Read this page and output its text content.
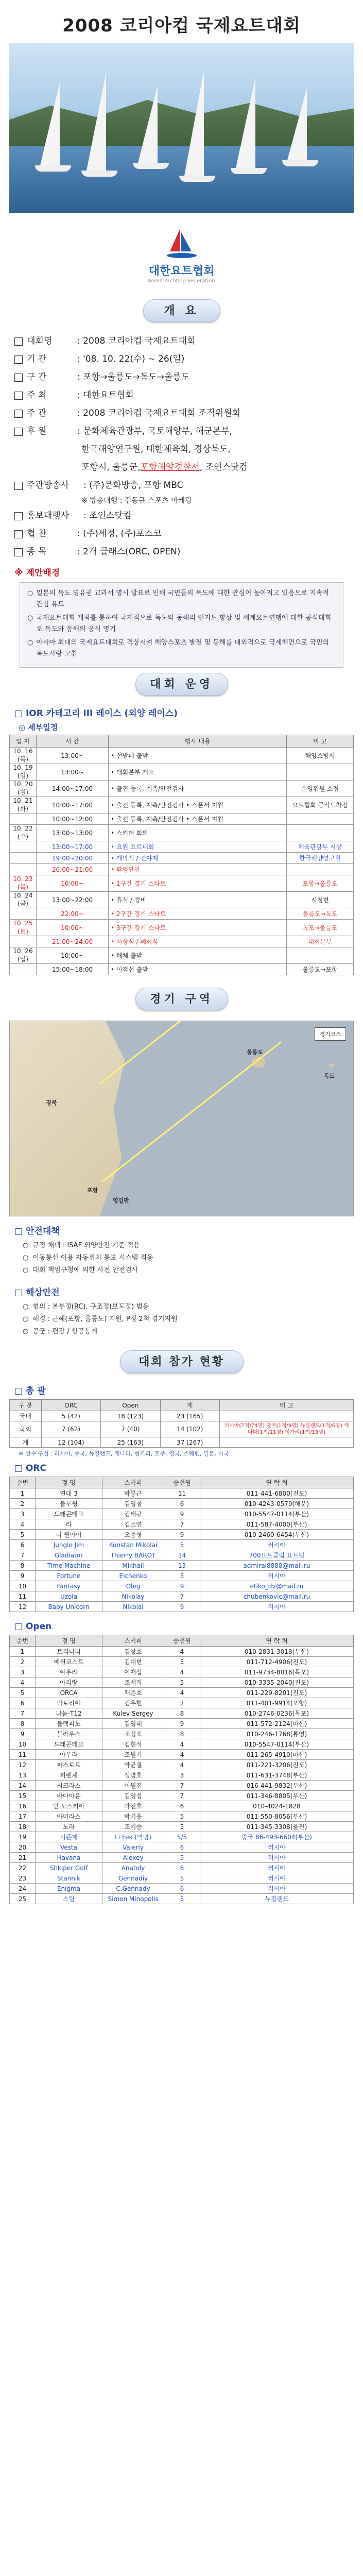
2008 코리아컵 국제요트대회
대한요트협회
Korea Yachting Federation
개 요
대회명	: 2008 코리아컵 국제요트대회
기 간	: '08. 10. 22(수) ~ 26(일)
구 간	: 포항→울릉도→독도→울릉도
주 최	: 대한요트협회
주 관	: 2008 코리아컵 국제요트대회 조직위원회
후 원	: 문화체육관광부, 국토해양부, 해군본부,
한국해양연구원, 대한체육회, 경상북도,
포항시, 울릉군,포항해양경찰서, 조인스닷컴
주관방송사	: (주)문화방송, 포항 MBC
※ 방송대행 : 김동규 스포츠 마케팅
홍보대행사	: 조인스닷컴
협 찬	: (주)세정, (주)포스코
종 목	: 2개 클래스(ORC, OPEN)
※ 제안배경
○ 일본의 독도 영유권 교과서 명시 발표로 인해 국민들의 독도에 대한 관심이 높아지고 있음으로 지속적 관심 유도
○ 국제요트대회 개최를 통하여 국제적으로 독도와 동해의 인지도 향상 및 세계요트연맹에 대한 공식대회로 독도와 동해의 공식 명기
○ 아시아 최대의 국제요트대회로 격상시켜 해양스포츠 발전 및 동해를 대외적으로 국제해면으로 국민의 독도사랑 고취
대회 운영
□ IOR 카테고리 III 레이스 (외양 레이스)
◎ 세부일정
일 자	시 간	행사 내용	비 고
10. 16 (목)	13:00~	• 선발대 출발	해양소방서
10. 19 (일)	13:00~	• 대회본부 개소	
10. 20 (월)	14:00~17:00	• 출전 등록, 계측/안전검사	운영위원 소집
10. 21 (화)	10:00~17:00	• 출전 등록, 계측/안전검사 • 스폰서 지원	요트협회 공식도착점
	10:00~12:00	• 출전 등록, 계측/안전검사 • 스폰서 지원	
10. 22 (수)	13:00~13:00	• 스키퍼 회의	
	13:00~17:00	• 요원 요트대회	체육관광부 시상
	19:00~20:00	• 개막식 / 전야제	한국해양연구원
	20:00~21:00	• 환영만찬	
10. 23 (목)	10:00~	• 1구간 경기 스타트	포항→울릉도
10. 24 (금)	13:00~22:00	• 휴식 / 정비	시청현
	22:00~	• 2구간 경기 스타트	울릉도→독도
10. 25 (토)	10:00~	• 3구간 경기 스타트	독도→울릉도
	21:00~24:00	• 시상식 / 폐회식	대회본부
10. 26 (일)	10:00~	• 해체 출발	
	15:00~18:00	• 이적선 출발	울릉도→포항
경기 구역
경기코스
울릉도
독도
포항
영일만
경북
□ 안전대책
○ 규정 채택 : ISAF 외양안전 기준 적용
○ 이동통신 이용 자동위치 통보 시스템 적용
○ 대회 책임구청에 의한 사전 안전검사
□ 해상안전
○ 협의 : 본부정(RC), 구조정(보도정) 범용
○ 해경 : 근해(포항, 울릉도) 지원, P정 2척 경기지원
○ 공군 : 편장 / 항공통제
대회 참가 현황
□ 총 괄
구 분	ORC	Open	계	비 고
국내	5 (42)	18 (123)	23 (165)	
국외	7 (62)	7 (40)	14 (102)	러시아(7척/74명) 중국(1척/9명) 뉴질랜드(1척/6명) 캐나다(1척/11명) 헝가리(1척/13명)
계	12 (104)	25 (163)	37 (267)	
※ 선수 구성 : 러시아, 중국, 뉴질랜드, 캐나다, 헝가리, 호주, 영국, 스웨덴, 일본, 미국
□ ORC
순번	정 명	스키퍼	승선원	연 락 처
1	연대 3	박봉근	11	011-441-6800(진도)
2	블루윙	김영철	6	010-4243-0579(해운)
3	드래곤테크	김태규	9	010-5547-0114(부산)
4	라	김소연	7	011-587-4000(부산)
5	더 퀸아이	오종형	9	010-2460-6454(부산)
6	Jungle Jim	Konstan Mikolai	5	러시아
7	Gladiator	Thierry BAROT	14	700요트클럽 요트팀
8	Time Machine	Mikhail	13	admiral8888@mail.ru
9	Fortune	Elchenko	5	러시아
10	Fantasy	Oleg	9	etiko_dv@mail.ru
11	Uzola	Nikolay	7	chubenkovic@mail.ru
12	Baby Unicorn	Nikolai	9	러시아
□ Open
순번	정 명	스키퍼	승선원	연 락 처
1	트리니티	김창호	4	010-2831-3018(부산)
2	예원코스트	김대현	5	011-712-4906(진도)
3	아우라	이재섭	4	011-9734-8016(목포)
4	아리랑	조재희	5	010-3335-2040(진도)
5	ORCA	채준호	4	011-229-8201(진도)
6	박토리아	김우현	7	011-401-9914(포항)
7	나눔-T12	Kulev Sergey	8	010-2746-0236(목포)
8	블랙피노	김영태	9	011-572-2124(마산)
9	블라우스	조정표	8	010-246-1768(통영)
10	드래곤테크	김현석	4	010-5547-0114(부산)
11	아우라	조원기	4	011-265-4910(마산)
12	파스토르	박균결	4	011-221-3206(진도)
13	피렌체	성병호	3	011-631-3748(부산)
14	시크라스	이원진	7	016-441-9832(부산)
15	바다마음	김영섭	7	011-346-8805(부산)
16	빈 모스키아	박진호	6	010-4024-1828
17	아미라스	박기웅	5	011-550-8056(부산)
18	노라	조기승	5	011-345-3308(울진)
19	시즌제	Li Fek (역명)	5/5	중국 86-493-6604(부산)
20	Vesta	Valeriy	6	러시아
21	Havana	Alexey	5	러시아
22	Shkiper Golf	Anatoly	6	러시아
23	Stannik	Gennadiy	5	러시아
24	Enigma	C.Gennady	6	러시아
25	스팀	Simon Minopolis	5	뉴질랜드
